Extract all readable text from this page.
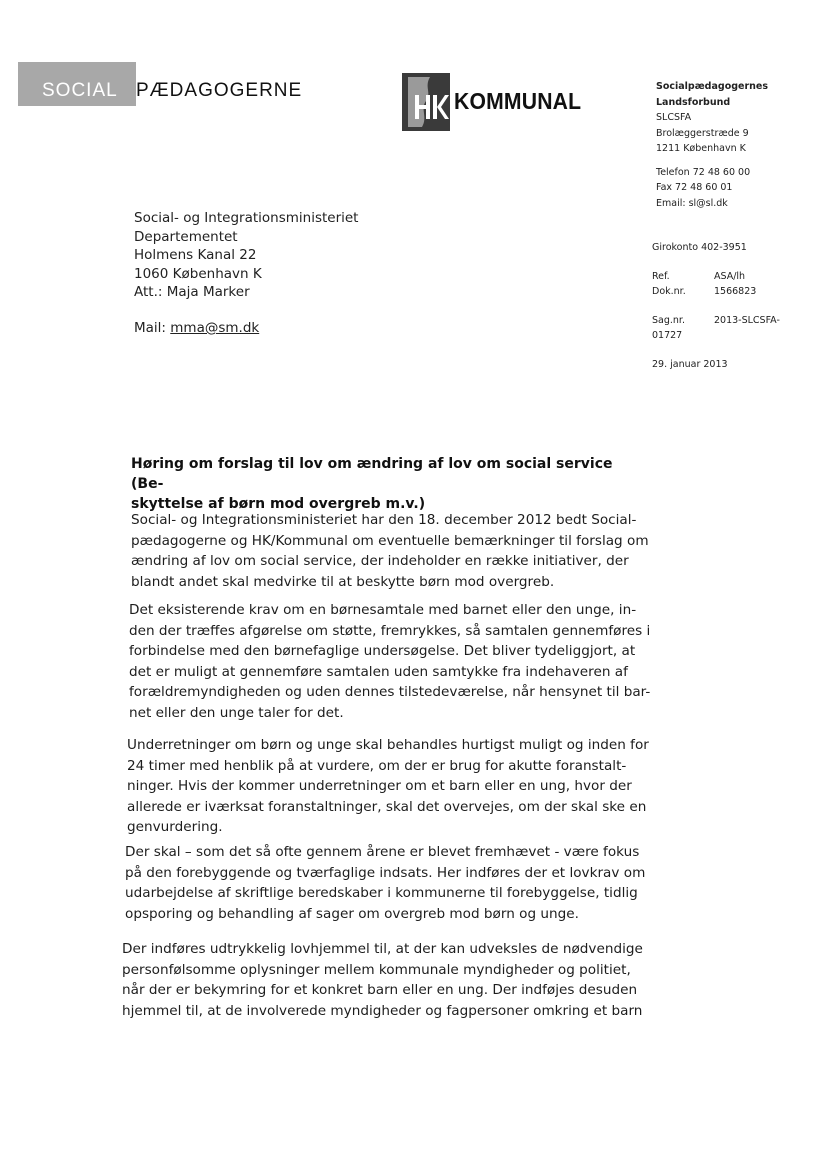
SOCIAL PÆDAGOGERNE	KOMMUNAL
Socialpædagogernes
Landsforbund
SLCSFA
Brolæggerstræde 9
1211 København K
Telefon 72 48 60 00
Fax 72 48 60 01
Email: sl@sl.dk
Girokonto 402-3951
Ref.	ASA/lh
Dok.nr.	1566823
Sag.nr.	2013-SLCSFA-
01727
29. januar 2013
Social- og Integrationsministeriet
Departementet
Holmens Kanal 22
1060 København K
Att.: Maja Marker
Mail: mma@sm.dk
Høring om forslag til lov om ændring af lov om social service (Be-
skyttelse af børn mod overgreb m.v.)
Social- og Integrationsministeriet har den 18. december 2012 bedt Social-
pædagogerne og HK/Kommunal om eventuelle bemærkninger til forslag om
ændring af lov om social service, der indeholder en række initiativer, der
blandt andet skal medvirke til at beskytte børn mod overgreb.
Det eksisterende krav om en børnesamtale med barnet eller den unge, in-
den der træffes afgørelse om støtte, fremrykkes, så samtalen gennemføres i
forbindelse med den børnefaglige undersøgelse. Det bliver tydeliggjort, at
det er muligt at gennemføre samtalen uden samtykke fra indehaveren af
forældremyndigheden og uden dennes tilstedeværelse, når hensynet til bar-
net eller den unge taler for det.
Underretninger om børn og unge skal behandles hurtigst muligt og inden for
24 timer med henblik på at vurdere, om der er brug for akutte foranstalt-
ninger. Hvis der kommer underretninger om et barn eller en ung, hvor der
allerede er iværksat foranstaltninger, skal det overvejes, om der skal ske en
genvurdering.
Der skal – som det så ofte gennem årene er blevet fremhævet - være fokus
på den forebyggende og tværfaglige indsats. Her indføres der et lovkrav om
udarbejdelse af skriftlige beredskaber i kommunerne til forebyggelse, tidlig
opsporing og behandling af sager om overgreb mod børn og unge.
Der indføres udtrykkelig lovhjemmel til, at der kan udveksles de nødvendige
personfølsomme oplysninger mellem kommunale myndigheder og politiet,
når der er bekymring for et konkret barn eller en ung. Der indføjes desuden
hjemmel til, at de involverede myndigheder og fagpersoner omkring et barn
